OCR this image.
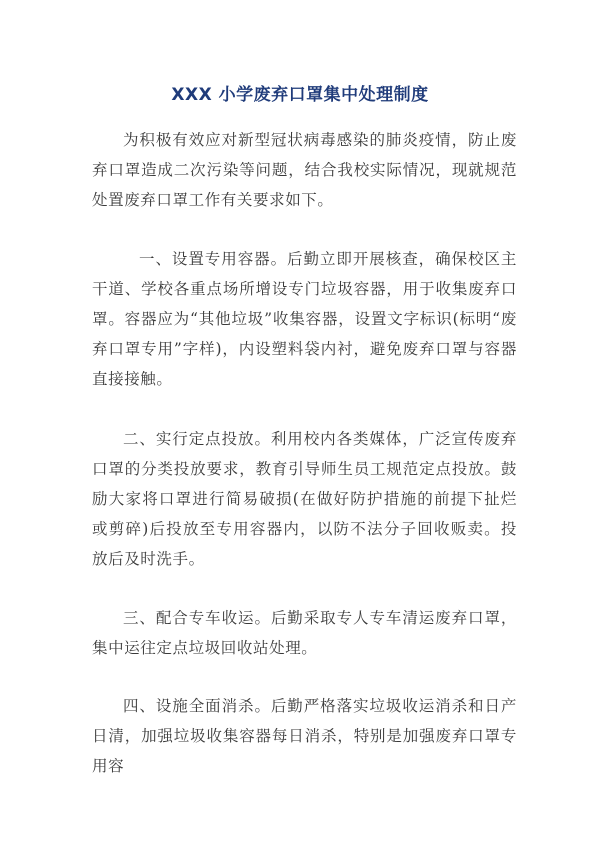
XXX 小学废弃口罩集中处理制度

为积极有效应对新型冠状病毒感染的肺炎疫情，防止废弃口罩造成二次污染等问题，结合我校实际情况，现就规范处置废弃口罩工作有关要求如下。

一、设置专用容器。后勤立即开展核查，确保校区主干道、学校各重点场所增设专门垃圾容器，用于收集废弃口罩。容器应为“其他垃圾”收集容器，设置文字标识(标明“废弃口罩专用”字样)，内设塑料袋内衬，避免废弃口罩与容器直接接触。

二、实行定点投放。利用校内各类媒体，广泛宣传废弃口罩的分类投放要求，教育引导师生员工规范定点投放。鼓励大家将口罩进行简易破损(在做好防护措施的前提下扯烂或剪碎)后投放至专用容器内，以防不法分子回收贩卖。投放后及时洗手。

三、配合专车收运。后勤采取专人专车清运废弃口罩，集中运往定点垃圾回收站处理。

四、设施全面消杀。后勤严格落实垃圾收运消杀和日产日清，加强垃圾收集容器每日消杀，特别是加强废弃口罩专用容
